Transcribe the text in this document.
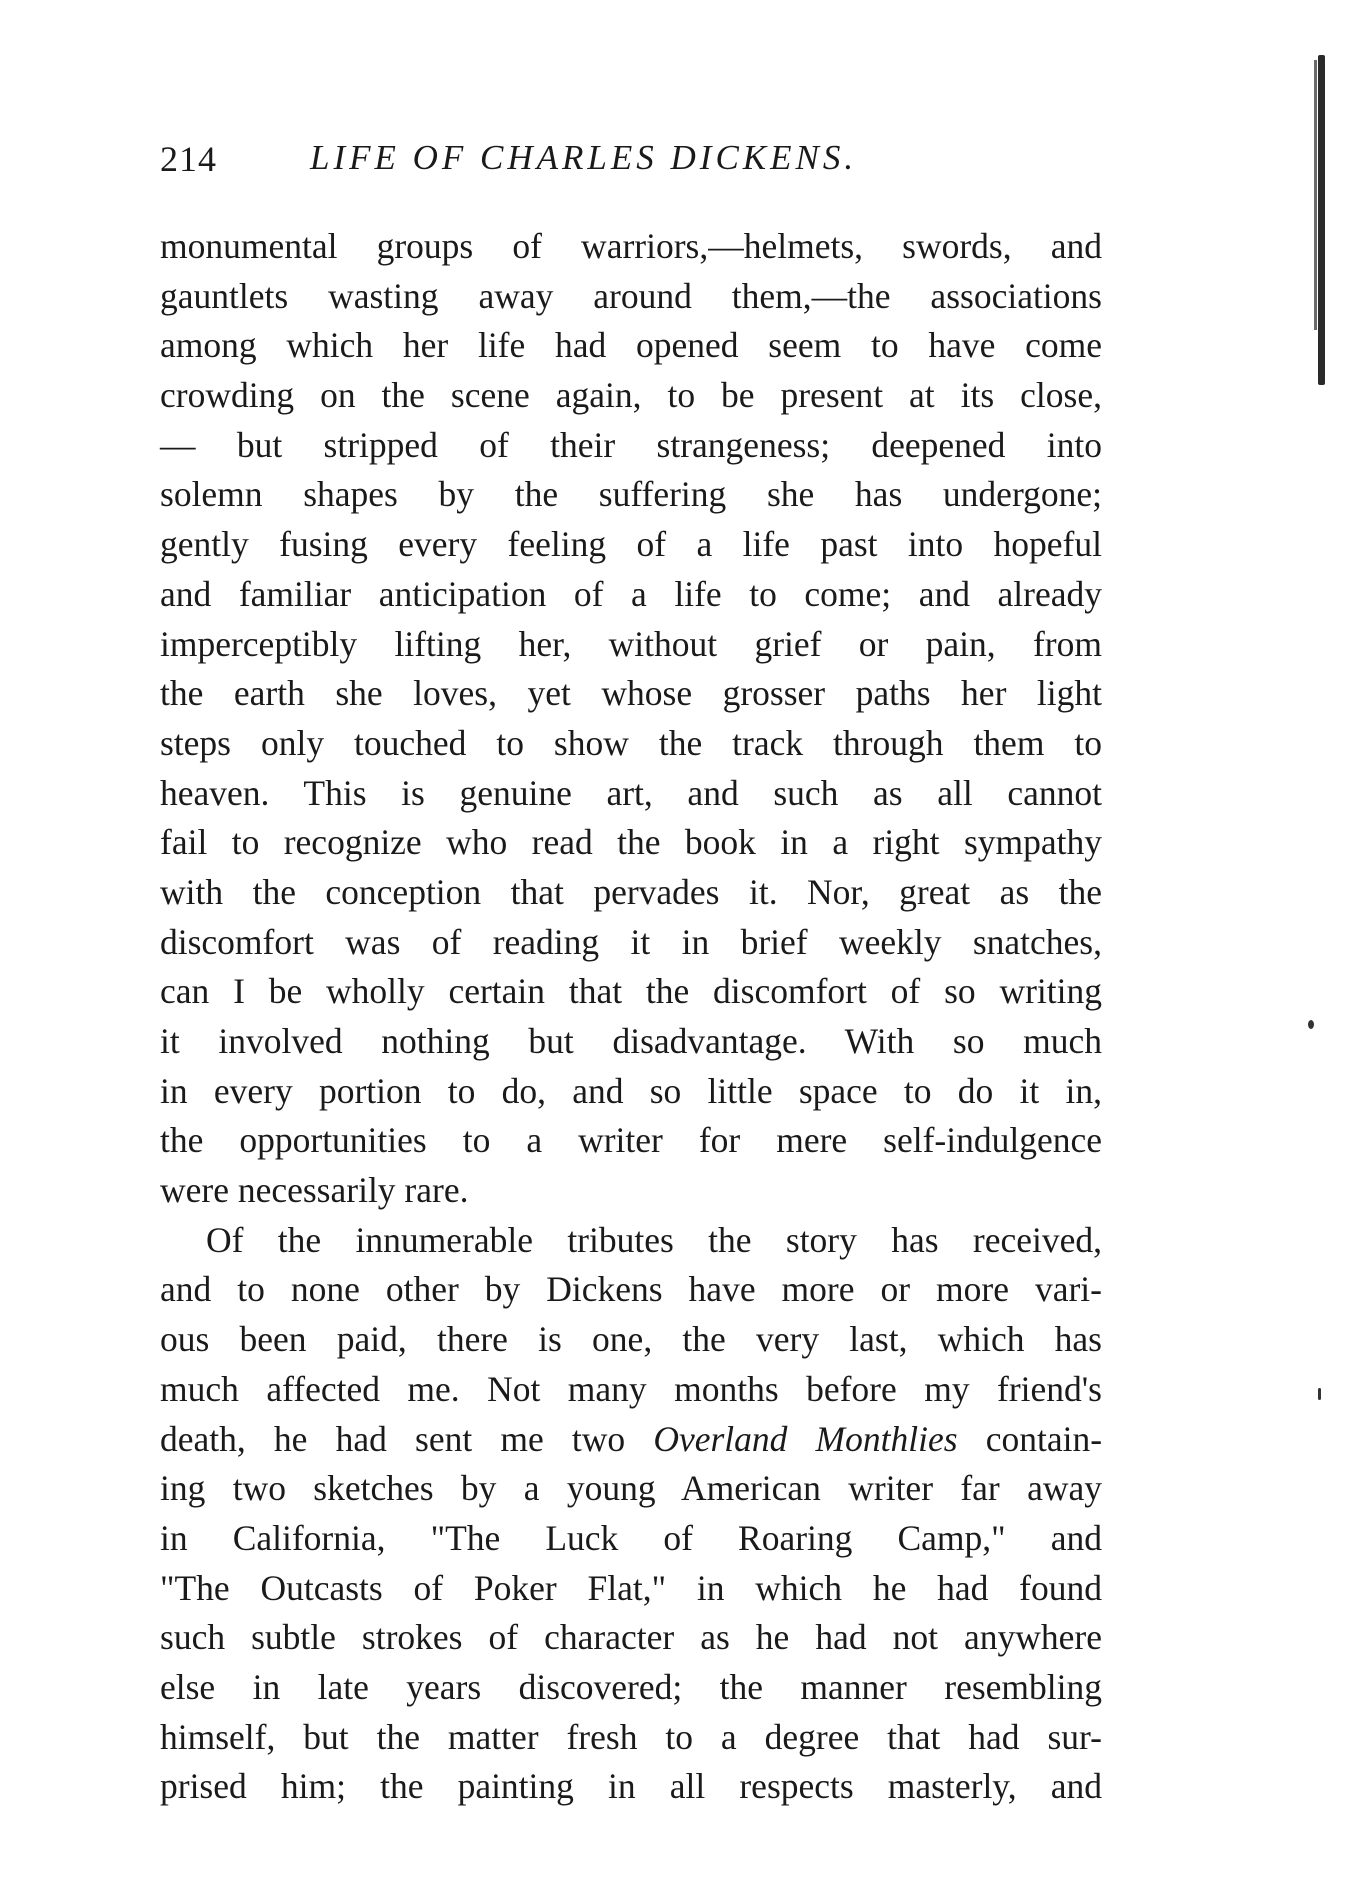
214	LIFE OF CHARLES DICKENS.
monumental groups of warriors,—helmets, swords, and
gauntlets wasting away around them,—the associations
among which her life had opened seem to have come
crowding on the scene again, to be present at its close,
— but stripped of their strangeness; deepened into
solemn shapes by the suffering she has undergone;
gently fusing every feeling of a life past into hopeful
and familiar anticipation of a life to come; and already
imperceptibly lifting her, without grief or pain, from
the earth she loves, yet whose grosser paths her light
steps only touched to show the track through them to
heaven. This is genuine art, and such as all cannot
fail to recognize who read the book in a right sympathy
with the conception that pervades it. Nor, great as the
discomfort was of reading it in brief weekly snatches,
can I be wholly certain that the discomfort of so writing
it involved nothing but disadvantage. With so much
in every portion to do, and so little space to do it in,
the opportunities to a writer for mere self-indulgence
were necessarily rare.
Of the innumerable tributes the story has received,
and to none other by Dickens have more or more vari-
ous been paid, there is one, the very last, which has
much affected me. Not many months before my friend's
death, he had sent me two Overland Monthlies contain-
ing two sketches by a young American writer far away
in California, "The Luck of Roaring Camp," and
"The Outcasts of Poker Flat," in which he had found
such subtle strokes of character as he had not anywhere
else in late years discovered; the manner resembling
himself, but the matter fresh to a degree that had sur-
prised him; the painting in all respects masterly, and
